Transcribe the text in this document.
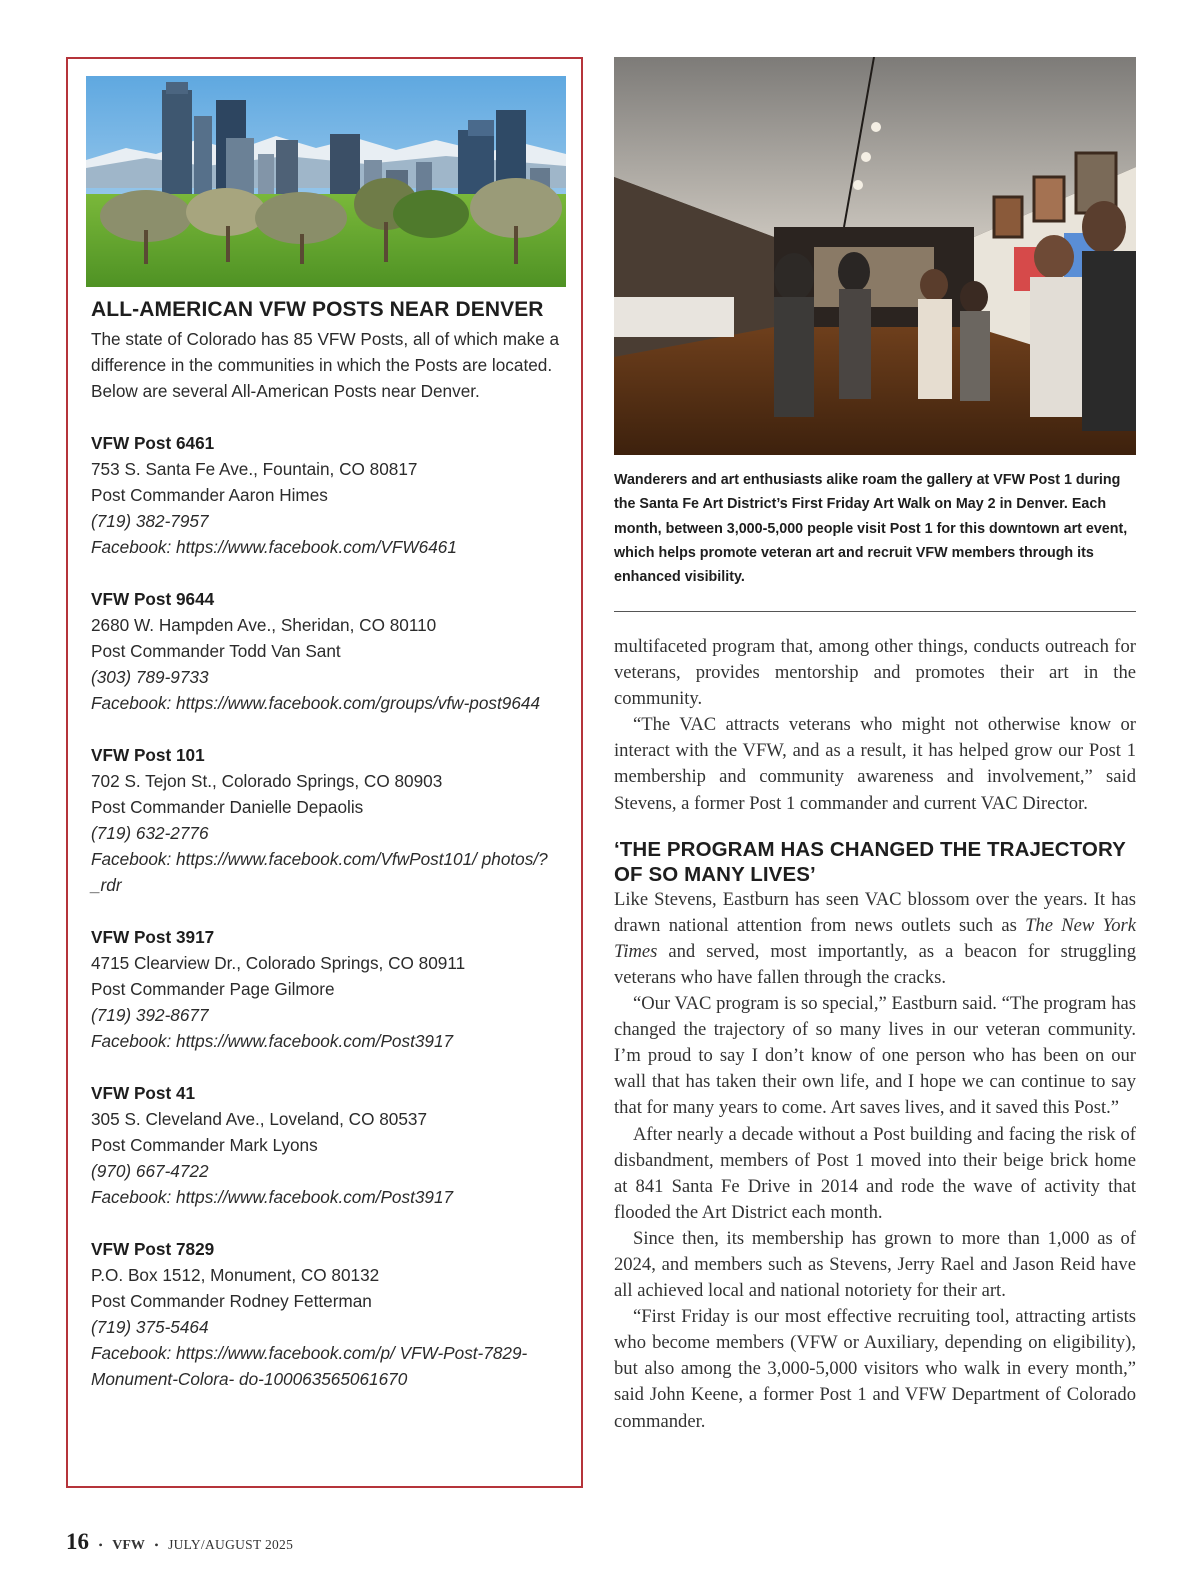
ALL-AMERICAN VFW POSTS NEAR DENVER

The state of Colorado has 85 VFW Posts, all of which make a difference in the communities in which the Posts are located. Below are several All-American Posts near Denver.

VFW Post 6461
753 S. Santa Fe Ave., Fountain, CO 80817
Post Commander Aaron Himes
(719) 382-7957
Facebook: https://www.facebook.com/VFW6461
VFW Post 9644
2680 W. Hampden Ave., Sheridan, CO 80110
Post Commander Todd Van Sant
(303) 789-9733
Facebook: https://www.facebook.com/groups/vfw-post9644
VFW Post 101
702 S. Tejon St., Colorado Springs, CO 80903
Post Commander Danielle Depaolis
(719) 632-2776
Facebook: https://www.facebook.com/VfwPost101/ photos/?_rdr
VFW Post 3917
4715 Clearview Dr., Colorado Springs, CO 80911
Post Commander Page Gilmore
(719) 392-8677
Facebook: https://www.facebook.com/Post3917
VFW Post 41
305 S. Cleveland Ave., Loveland, CO 80537
Post Commander Mark Lyons
(970) 667-4722
Facebook: https://www.facebook.com/Post3917
VFW Post 7829
P.O. Box 1512, Monument, CO 80132
Post Commander Rodney Fetterman
(719) 375-5464
Facebook: https://www.facebook.com/p/ VFW-Post-7829-Monument-Colora- do-100063565061670

Wanderers and art enthusiasts alike roam the gallery at VFW Post 1 during the Santa Fe Art District’s First Friday Art Walk on May 2 in Denver. Each month, between 3,000-5,000 people visit Post 1 for this downtown art event, which helps promote veteran art and recruit VFW members through its enhanced visibility.

multifaceted program that, among other things, conducts outreach for veterans, provides mentorship and promotes their art in the community.

“The VAC attracts veterans who might not otherwise know or interact with the VFW, and as a result, it has helped grow our Post 1 membership and community awareness and involvement,” said Stevens, a former Post 1 commander and current VAC Director.

‘THE PROGRAM HAS CHANGED THE TRAJECTORY OF SO MANY LIVES’

Like Stevens, Eastburn has seen VAC blossom over the years. It has drawn national attention from news outlets such as The New York Times and served, most importantly, as a beacon for struggling veterans who have fallen through the cracks.

“Our VAC program is so special,” Eastburn said. “The program has changed the trajectory of so many lives in our veteran community. I’m proud to say I don’t know of one person who has been on our wall that has taken their own life, and I hope we can continue to say that for many years to come. Art saves lives, and it saved this Post.”

After nearly a decade without a Post building and facing the risk of disbandment, members of Post 1 moved into their beige brick home at 841 Santa Fe Drive in 2014 and rode the wave of activity that flooded the Art District each month.

Since then, its membership has grown to more than 1,000 as of 2024, and members such as Stevens, Jerry Rael and Jason Reid have all achieved local and national notoriety for their art.

“First Friday is our most effective recruiting tool, attracting artists who become members (VFW or Auxiliary, depending on eligibility), but also among the 3,000-5,000 visitors who walk in every month,” said John Keene, a former Post 1 and VFW Department of Colorado commander.

16 • VFW • JULY/AUGUST 2025
